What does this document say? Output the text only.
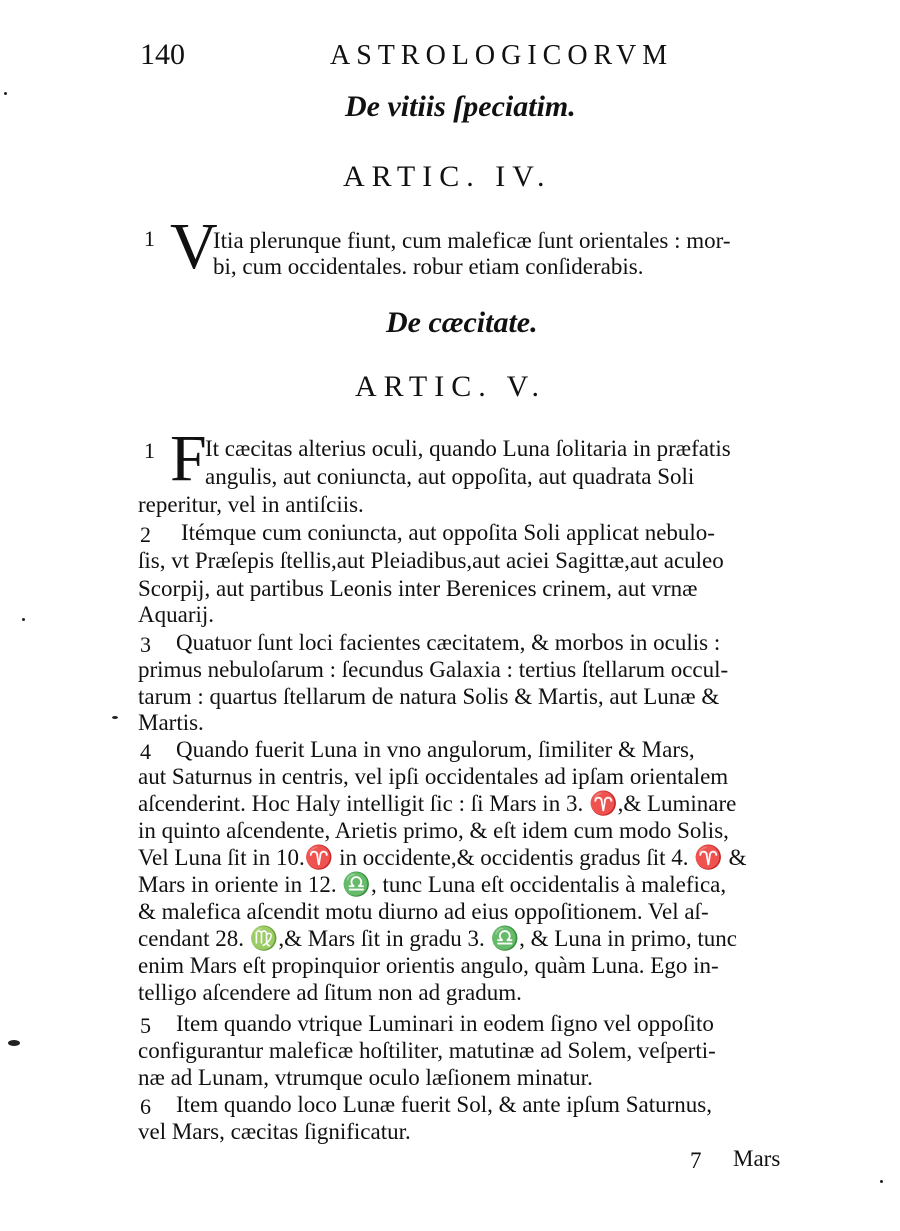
140	ASTROLOGICORVM
De vitiis ſpeciatim.
ARTIC. IV.
1 V
Itia plerunque fiunt, cum maleficæ ſunt orientales : mor-
bi, cum occidentales. robur etiam conſiderabis.
De cæcitate.
ARTIC. V.
1 F
It cæcitas alterius oculi, quando Luna ſolitaria in præfatis
angulis, aut coniuncta, aut oppoſita, aut quadrata Soli
reperitur, vel in antiſciis.
2 Itémque cum coniuncta, aut oppoſita Soli applicat nebulo-
ſis, vt Præſepis ſtellis,aut Pleiadibus,aut aciei Sagittæ,aut aculeo
Scorpij, aut partibus Leonis inter Berenices crinem, aut vrnæ
Aquarij.
3 Quatuor ſunt loci facientes cæcitatem, & morbos in oculis :
primus nebuloſarum : ſecundus Galaxia : tertius ſtellarum occul-
tarum : quartus ſtellarum de natura Solis & Martis, aut Lunæ &
Martis.
4 Quando fuerit Luna in vno angulorum, ſimiliter & Mars,
aut Saturnus in centris, vel ipſi occidentales ad ipſam orientalem
aſcenderint. Hoc Haly intelligit ſic : ſi Mars in 3. ♈,& Luminare
in quinto aſcendente, Arietis primo, & eſt idem cum modo Solis,
Vel Luna ſit in 10.♈ in occidente,& occidentis gradus ſit 4. ♈ &
Mars in oriente in 12. ♎, tunc Luna eſt occidentalis à malefica,
& malefica aſcendit motu diurno ad eius oppoſitionem. Vel aſ-
cendant 28. ♍,& Mars ſit in gradu 3. ♎, & Luna in primo, tunc
enim Mars eſt propinquior orientis angulo, quàm Luna. Ego in-
telligo aſcendere ad ſitum non ad gradum.
5 Item quando vtrique Luminari in eodem ſigno vel oppoſito
configurantur maleficæ hoſtiliter, matutinæ ad Solem, veſperti-
næ ad Lunam, vtrumque oculo læſionem minatur.
6 Item quando loco Lunæ fuerit Sol, & ante ipſum Saturnus,
vel Mars, cæcitas ſignificatur.
7 Mars
